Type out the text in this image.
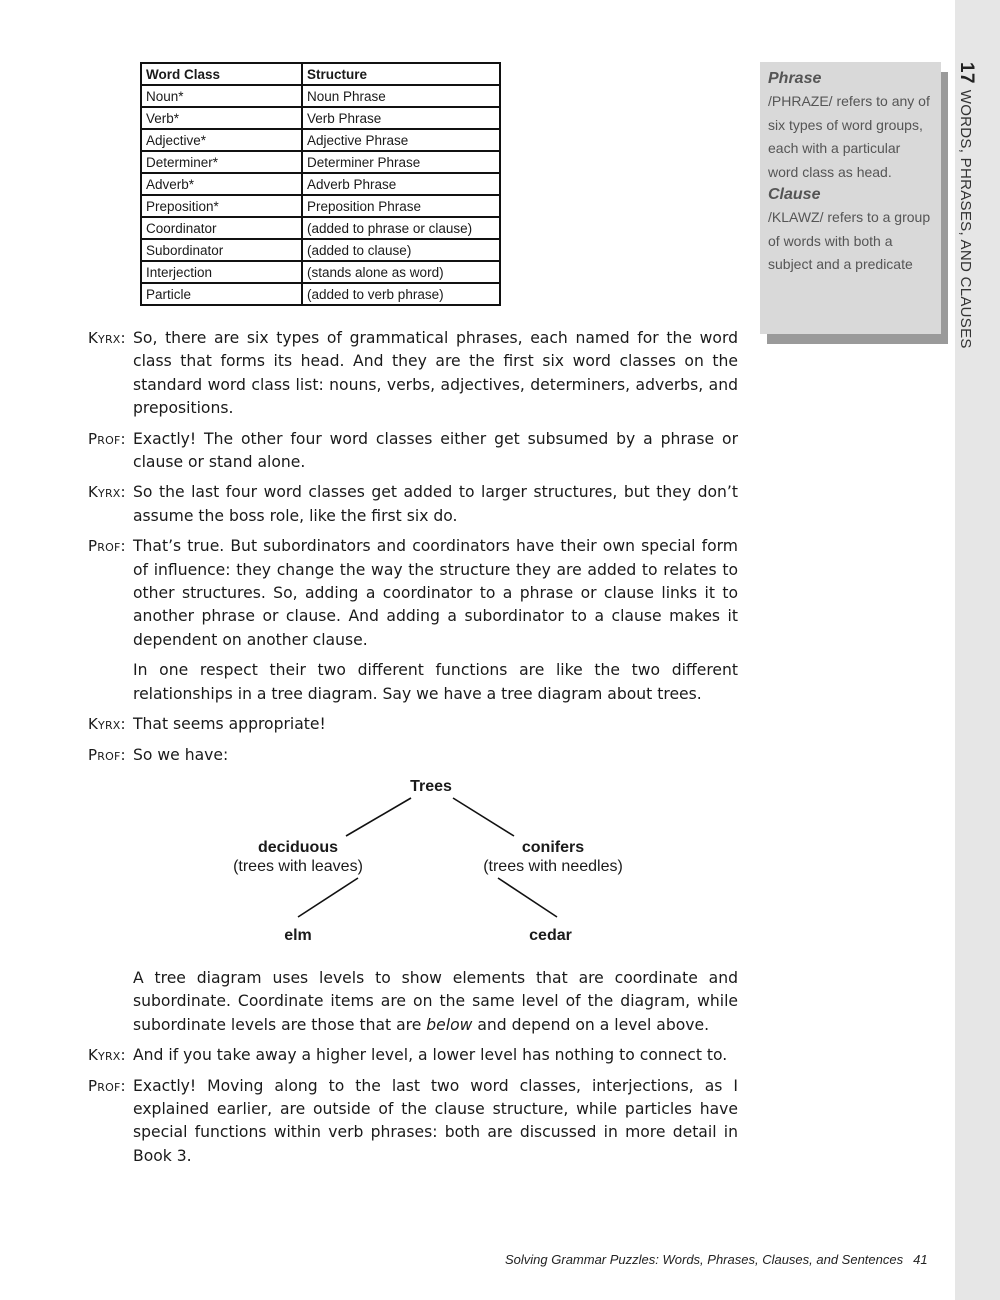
17WORDS, PHRASES, AND CLAUSES
Word Class	Structure
Noun*	Noun Phrase
Verb*	Verb Phrase
Adjective*	Adjective Phrase
Determiner*	Determiner Phrase
Adverb*	Adverb Phrase
Preposition*	Preposition Phrase
Coordinator	(added to phrase or clause)
Subordinator	(added to clause)
Interjection	(stands alone as word)
Particle	(added to verb phrase)
Phrase
/PHRAZE/ refers to any of six types of word groups, each with a particular word class as head.
Clause
/KLAWZ/ refers to a group of words with both a subject and a predicate
Kyrx: So, there are six types of grammatical phrases, each named for the word class that forms its head. And they are the first six word classes on the standard word class list: nouns, verbs, adjectives, determiners, adverbs, and prepositions.
Prof: Exactly! The other four word classes either get subsumed by a phrase or clause or stand alone.
Kyrx: So the last four word classes get added to larger structures, but they don’t assume the boss role, like the first six do.
Prof: That’s true. But subordinators and coordinators have their own special form of influence: they change the way the structure they are added to relates to other structures. So, adding a coordinator to a phrase or clause links it to another phrase or clause. And adding a subordinator to a clause makes it dependent on another clause.

In one respect their two different functions are like the two different relationships in a tree diagram. Say we have a tree diagram about trees.

Kyrx: That seems appropriate!
Prof: So we have:
Trees
deciduous
(trees with leaves)
conifers
(trees with needles)
elm	cedar

A tree diagram uses levels to show elements that are coordinate and subordinate. Coordinate items are on the same level of the diagram, while subordinate levels are those that are below and depend on a level above.

Kyrx: And if you take away a higher level, a lower level has nothing to connect to.
Prof: Exactly! Moving along to the last two word classes, interjections, as I explained earlier, are outside of the clause structure, while particles have special functions within verb phrases: both are discussed in more detail in Book 3.
Solving Grammar Puzzles: Words, Phrases, Clauses, and Sentences 41
